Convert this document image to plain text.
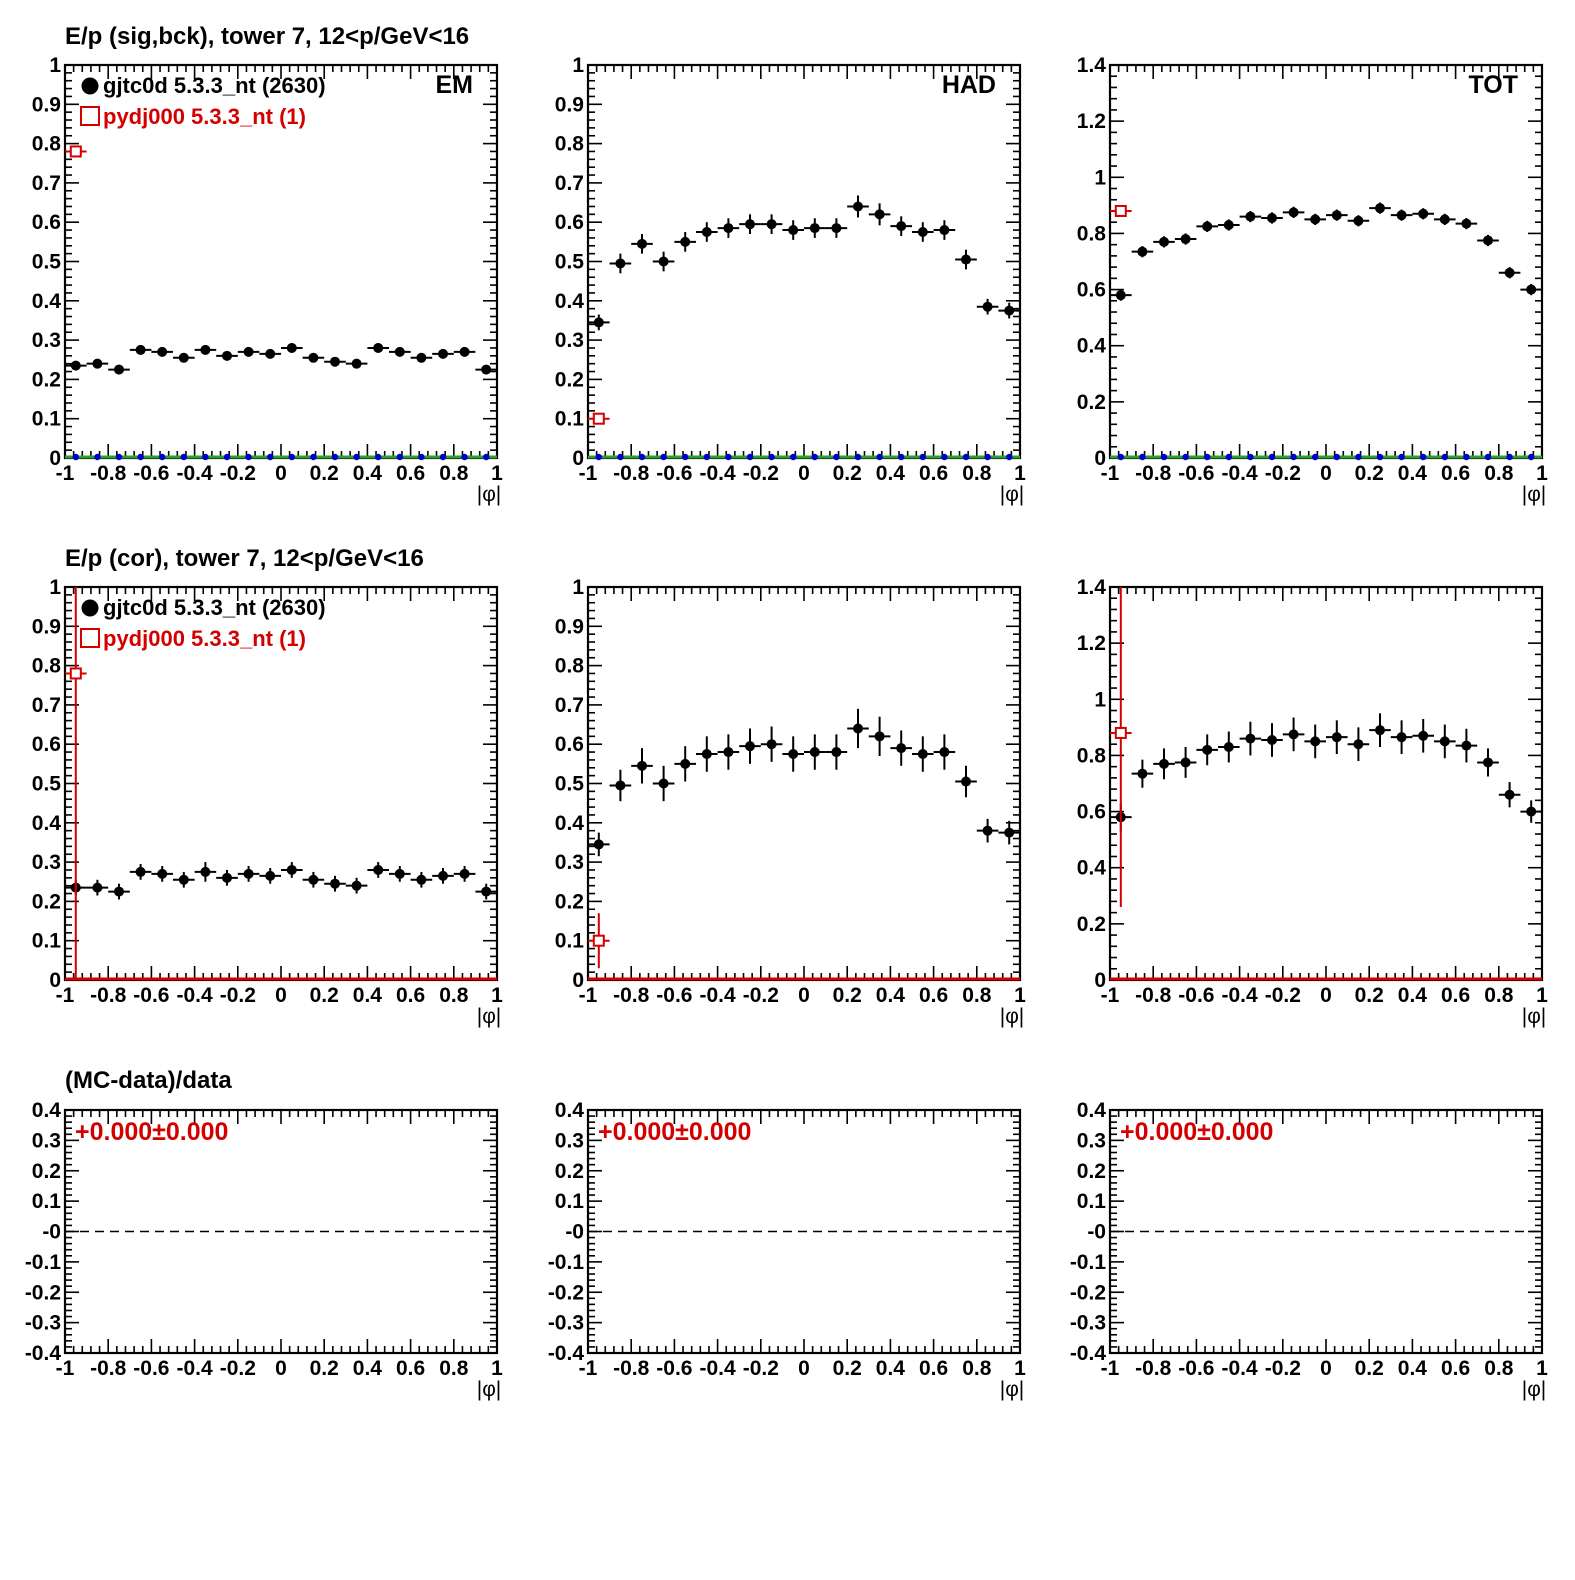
E/p (sig,bck), tower 7, 12<p/GeV<16
E/p (cor), tower 7, 12<p/GeV<16
(MC-data)/data
-1 -0.8 -0.6 -0.4 -0.2 0 0.2 0.4 0.6 0.8 1
|φ|
0
0.1
0.2
0.3
0.4
0.5
0.6
0.7
0.8
0.9
1
EM
gjtc0d 5.3.3_nt (2630)
pydj000 5.3.3_nt (1)
-1 -0.8 -0.6 -0.4 -0.2 0 0.2 0.4 0.6 0.8 1
|φ|
0
0.1
0.2
0.3
0.4
0.5
0.6
0.7
0.8
0.9
1
HAD
-1 -0.8 -0.6 -0.4 -0.2 0 0.2 0.4 0.6 0.8 1
|φ|
0
0.2
0.4
0.6
0.8
1
1.2
1.4
TOT
-1 -0.8 -0.6 -0.4 -0.2 0 0.2 0.4 0.6 0.8 1
|φ|
0
0.1
0.2
0.3
0.4
0.5
0.6
0.7
0.8
0.9
1
gjtc0d 5.3.3_nt (2630)
pydj000 5.3.3_nt (1)
-1 -0.8 -0.6 -0.4 -0.2 0 0.2 0.4 0.6 0.8 1
|φ|
0
0.1
0.2
0.3
0.4
0.5
0.6
0.7
0.8
0.9
1
-1 -0.8 -0.6 -0.4 -0.2 0 0.2 0.4 0.6 0.8 1
|φ|
0
0.2
0.4
0.6
0.8
1
1.2
1.4
-1 -0.8 -0.6 -0.4 -0.2 0 0.2 0.4 0.6 0.8 1
|φ|
-0.4
-0.3
-0.2
-0.1
-0
0.1
0.2
0.3
0.4
+0.000±0.000
-1 -0.8 -0.6 -0.4 -0.2 0 0.2 0.4 0.6 0.8 1
|φ|
-0.4
-0.3
-0.2
-0.1
-0
0.1
0.2
0.3
0.4
+0.000±0.000
-1 -0.8 -0.6 -0.4 -0.2 0 0.2 0.4 0.6 0.8 1
|φ|
-0.4
-0.3
-0.2
-0.1
-0
0.1
0.2
0.3
0.4
+0.000±0.000
